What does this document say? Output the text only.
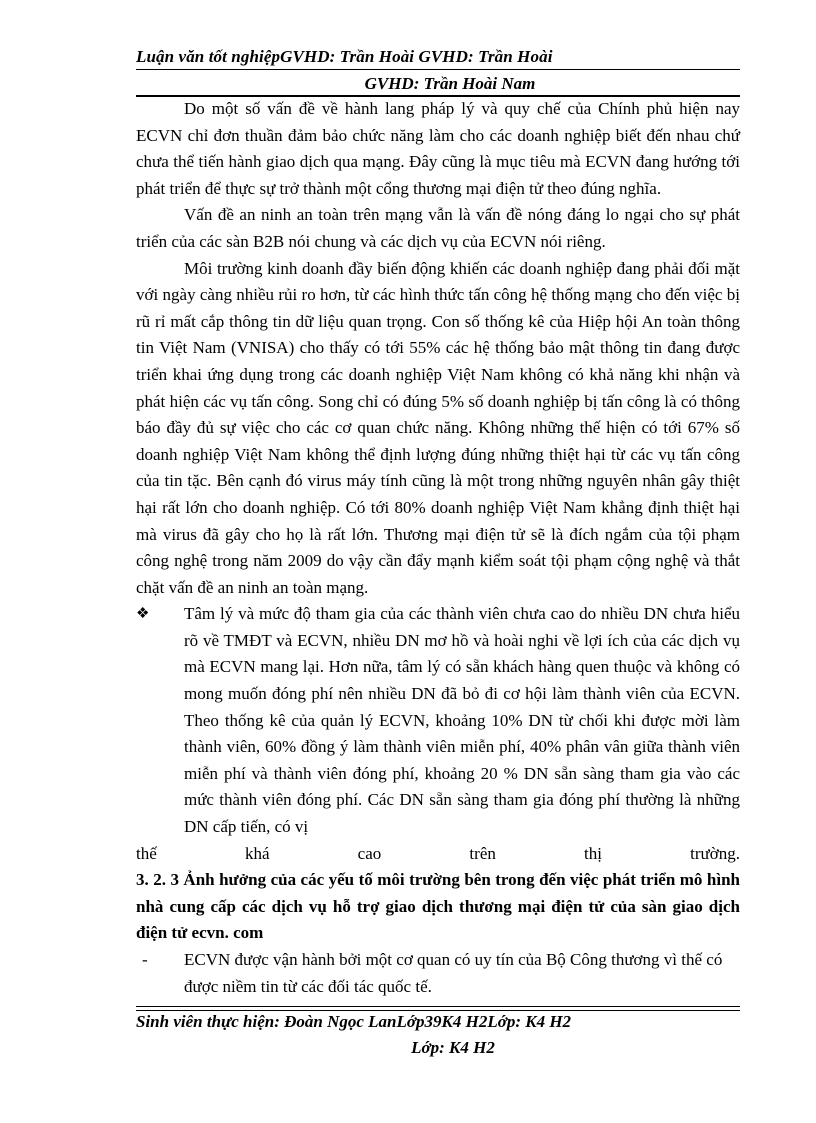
Luận văn tốt nghiệpGVHD: Trần Hoài GVHD: Trần Hoài
GVHD: Trần Hoài Nam

Do một số vấn đề về hành lang pháp lý và quy chế của Chính phủ hiện nay ECVN chỉ đơn thuần đảm bảo chức năng làm cho các doanh nghiệp biết đến nhau chứ chưa thể tiến hành giao dịch qua mạng. Đây cũng là mục tiêu mà ECVN đang hướng tới phát triển để thực sự trở thành một cổng thương mại điện tử theo đúng nghĩa.

Vấn đề an ninh an toàn trên mạng vẫn là vấn đề nóng đáng lo ngại cho sự phát triển của các sàn B2B nói chung và các dịch vụ của ECVN nói riêng.

Môi trường kinh doanh đầy biến động khiến các doanh nghiệp đang phải đối mặt với ngày càng nhiều rủi ro hơn, từ các hình thức tấn công hệ thống mạng cho đến việc bị rũ rỉ mất cắp thông tin dữ liệu quan trọng. Con số thống kê của Hiệp hội An toàn thông tin Việt Nam (VNISA) cho thấy có tới 55% các hệ thống bảo mật thông tin đang được triển khai ứng dụng trong các doanh nghiệp Việt Nam không có khả năng khi nhận và phát hiện các vụ tấn công. Song chỉ có đúng 5% số doanh nghiệp bị tấn công là có thông báo đầy đủ sự việc cho các cơ quan chức năng. Không những thế hiện có tới 67% số doanh nghiệp Việt Nam không thể định lượng đúng những thiệt hại từ các vụ tấn công của tin tặc. Bên cạnh đó virus máy tính cũng là một trong những nguyên nhân gây thiệt hại rất lớn cho doanh nghiệp. Có tới 80% doanh nghiệp Việt Nam khẳng định thiệt hại mà virus đã gây cho họ là rất lớn. Thương mại điện tử sẽ là đích ngắm của tội phạm công nghệ trong năm 2009 do vậy cần đẩy mạnh kiểm soát tội phạm cộng nghệ và thắt chặt vấn đề an ninh an toàn mạng.

❖	Tâm lý và mức độ tham gia của các thành viên chưa cao do nhiều DN chưa hiểu rõ về TMĐT và ECVN, nhiều DN mơ hồ và hoài nghi về lợi ích của các dịch vụ mà ECVN mang lại. Hơn nữa, tâm lý có sẵn khách hàng quen thuộc và không có mong muốn đóng phí nên nhiều DN đã bỏ đi cơ hội làm thành viên của ECVN. Theo thống kê của quản lý ECVN, khoảng 10% DN từ chối khi được mời làm thành viên, 60% đồng ý làm thành viên miễn phí, 40% phân vân giữa thành viên miễn phí và thành viên đóng phí, khoảng 20 % DN sẵn sàng tham gia vào các mức thành viên đóng phí. Các DN sẵn sàng tham gia đóng phí thường là những DN cấp tiến, có vị

thế khá cao trên thị trường.

3. 2. 3 Ảnh hưởng của các yếu tố môi trường bên trong đến việc phát triển mô hình nhà cung cấp các dịch vụ hỗ trợ giao dịch thương mại điện tử của sàn giao dịch điện tử ecvn. com
- ECVN được vận hành bởi một cơ quan có uy tín của Bộ Công thương vì thế có được niềm tin từ các đối tác quốc tế.
Sinh viên thực hiện: Đoàn Ngọc LanLớp39K4 H2Lớp: K4 H2
Lớp: K4 H2
